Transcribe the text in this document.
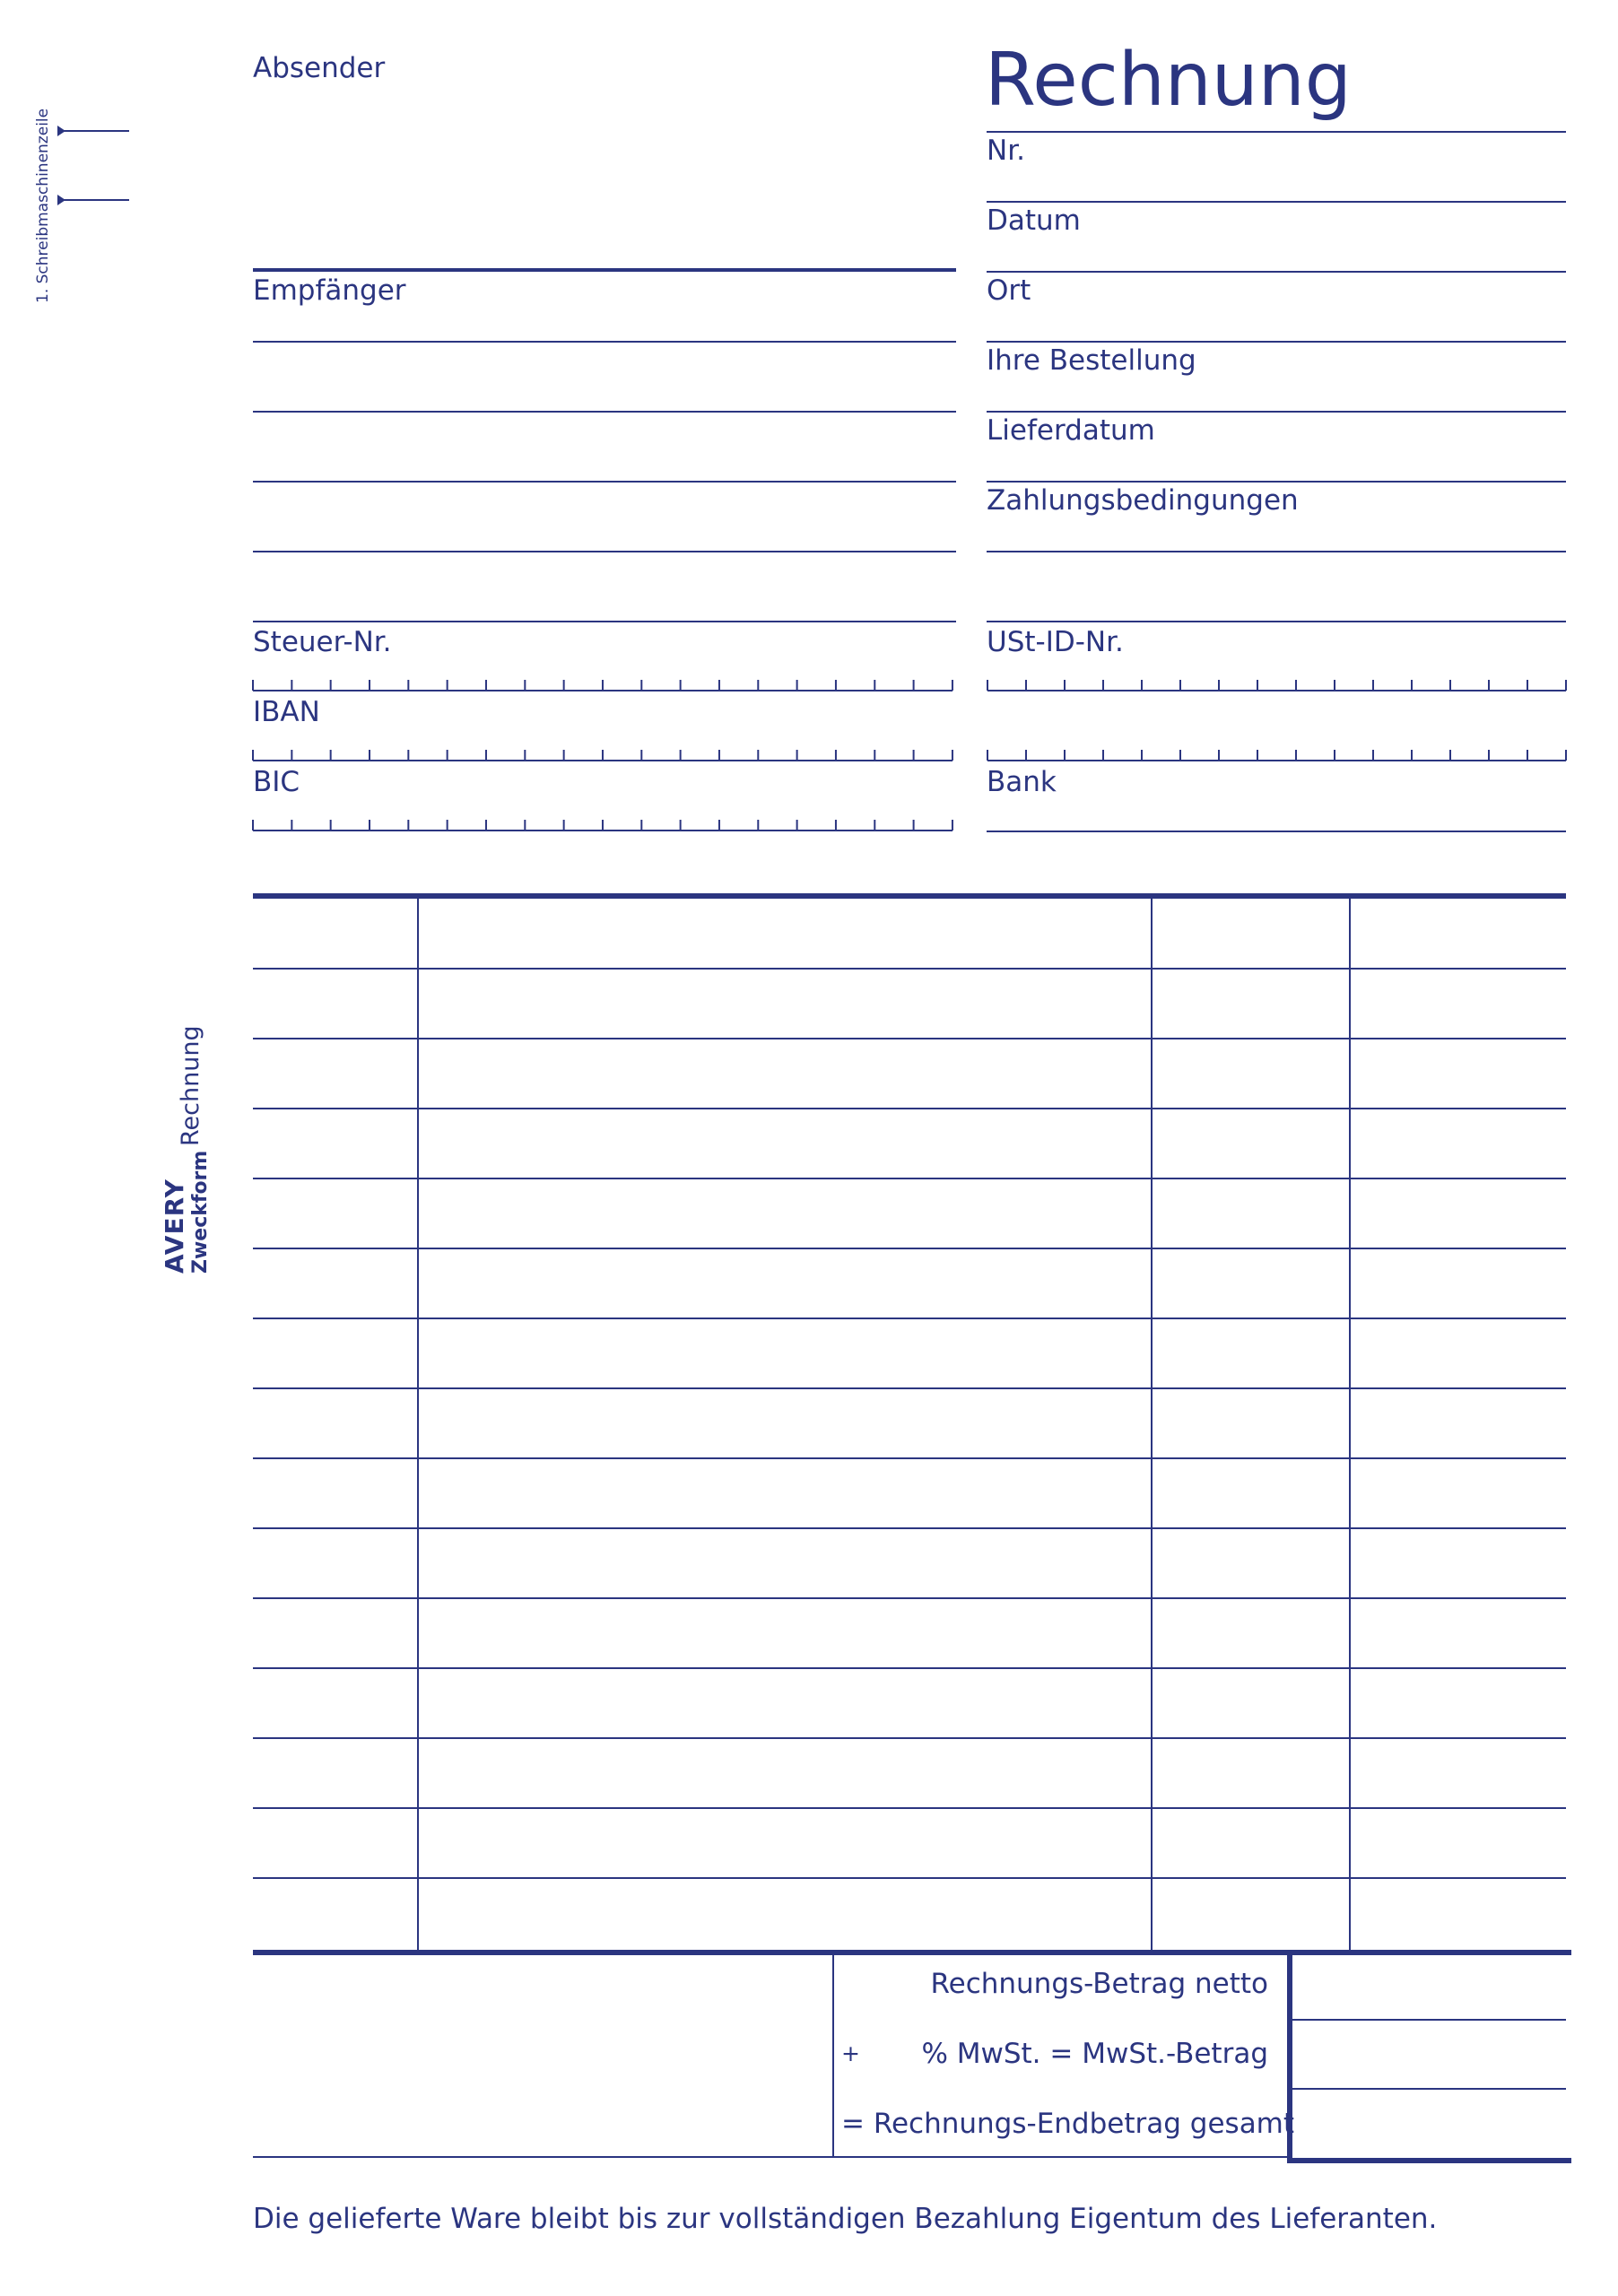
1. Schreibmaschinenzeile
Rechnung
AVERY Zweckform
Absender	Rechnung
Nr.
Datum
Ort
Ihre Bestellung
Lieferdatum
Zahlungsbedingungen
Empfänger
Steuer-Nr.	USt-ID-Nr.
IBAN
BIC	Bank
Rechnungs-Betrag netto
+	% MwSt. = MwSt.-Betrag
= Rechnungs-Endbetrag gesamt
Die gelieferte Ware bleibt bis zur vollständigen Bezahlung Eigentum des Lieferanten.
